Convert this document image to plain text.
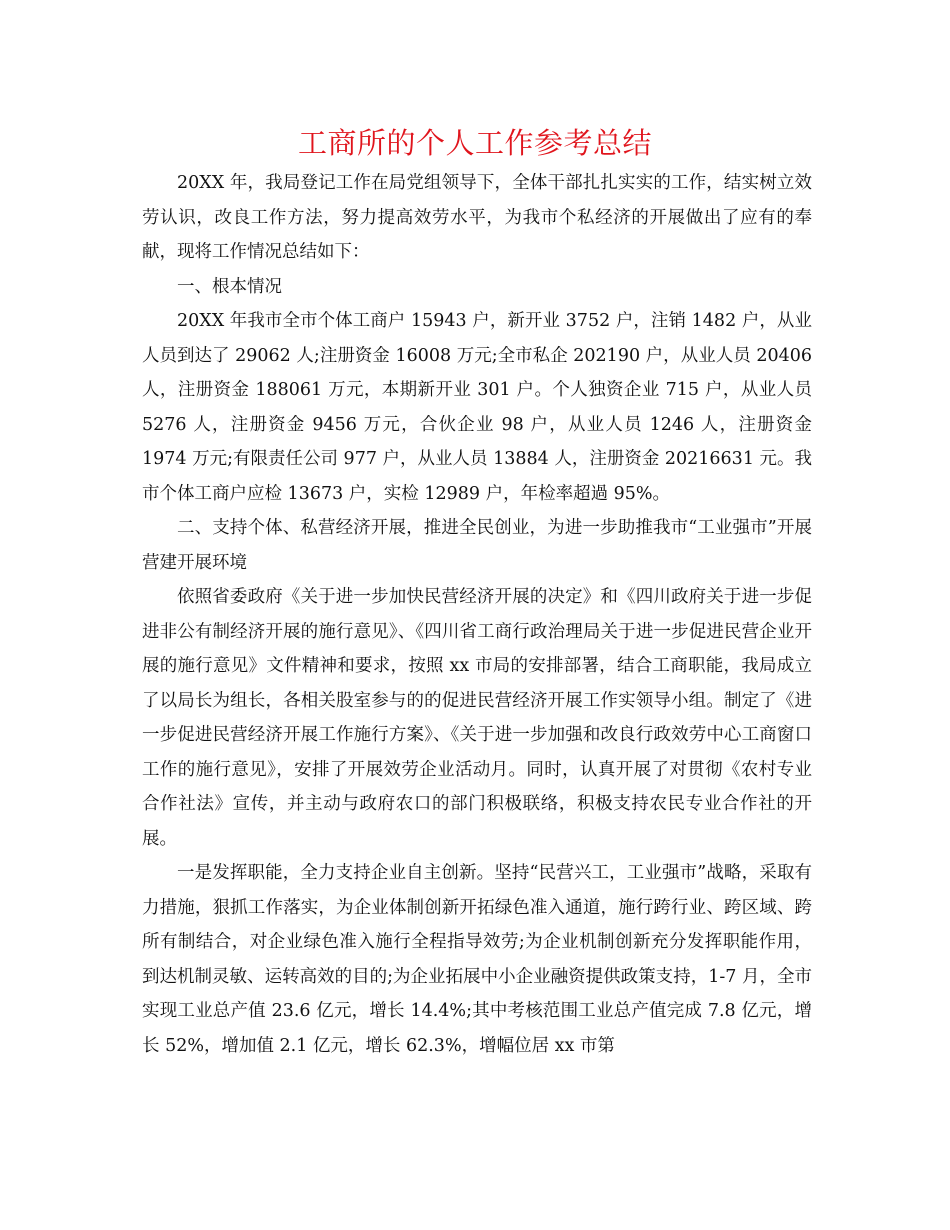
工商所的个人工作参考总结

20XX 年，我局登记工作在局党组领导下，全体干部扎扎实实的工作，结实树立效劳认识，改良工作方法，努力提高效劳水平，为我市个私经济的开展做出了应有的奉献，现将工作情况总结如下：

一、根本情况

20XX 年我市全市个体工商户 15943 户，新开业 3752 户，注销 1482 户，从业人员到达了 29062 人;注册资金 16008 万元;全市私企 202190 户，从业人员 20406 人，注册资金 188061 万元，本期新开业 301 户。个人独资企业 715 户，从业人员 5276 人，注册资金 9456 万元，合伙企业 98 户，从业人员 1246 人，注册资金 1974 万元;有限责任公司 977 户，从业人员 13884 人，注册资金 20216631 元。我市个体工商户应检 13673 户，实检 12989 户，年检率超過 95%。

二、支持个体、私营经济开展，推进全民创业，为进一步助推我市“工业强市”开展营建开展环境

依照省委政府《关于进一步加快民营经济开展的决定》和《四川政府关于进一步促进非公有制经济开展的施行意见》、《四川省工商行政治理局关于进一步促进民营企业开展的施行意见》文件精神和要求，按照 xx 市局的安排部署，结合工商职能，我局成立了以局长为组长，各相关股室参与的的促进民营经济开展工作实领导小组。制定了《进一步促进民营经济开展工作施行方案》、《关于进一步加强和改良行政效劳中心工商窗口工作的施行意见》，安排了开展效劳企业活动月。同时，认真开展了对贯彻《农村专业合作社法》宣传，并主动与政府农口的部门积极联络，积极支持农民专业合作社的开展。

一是发挥职能，全力支持企业自主创新。坚持“民营兴工，工业强市”战略，采取有力措施，狠抓工作落实，为企业体制创新开拓绿色准入通道，施行跨行业、跨区域、跨所有制结合，对企业绿色准入施行全程指导效劳;为企业机制创新充分发挥职能作用，到达机制灵敏、运转高效的目的;为企业拓展中小企业融资提供政策支持，1-7 月，全市实现工业总产值 23.6 亿元，增长 14.4%;其中考核范围工业总产值完成 7.8 亿元，增长 52%，增加值 2.1 亿元，增长 62.3%，增幅位居 xx 市第
